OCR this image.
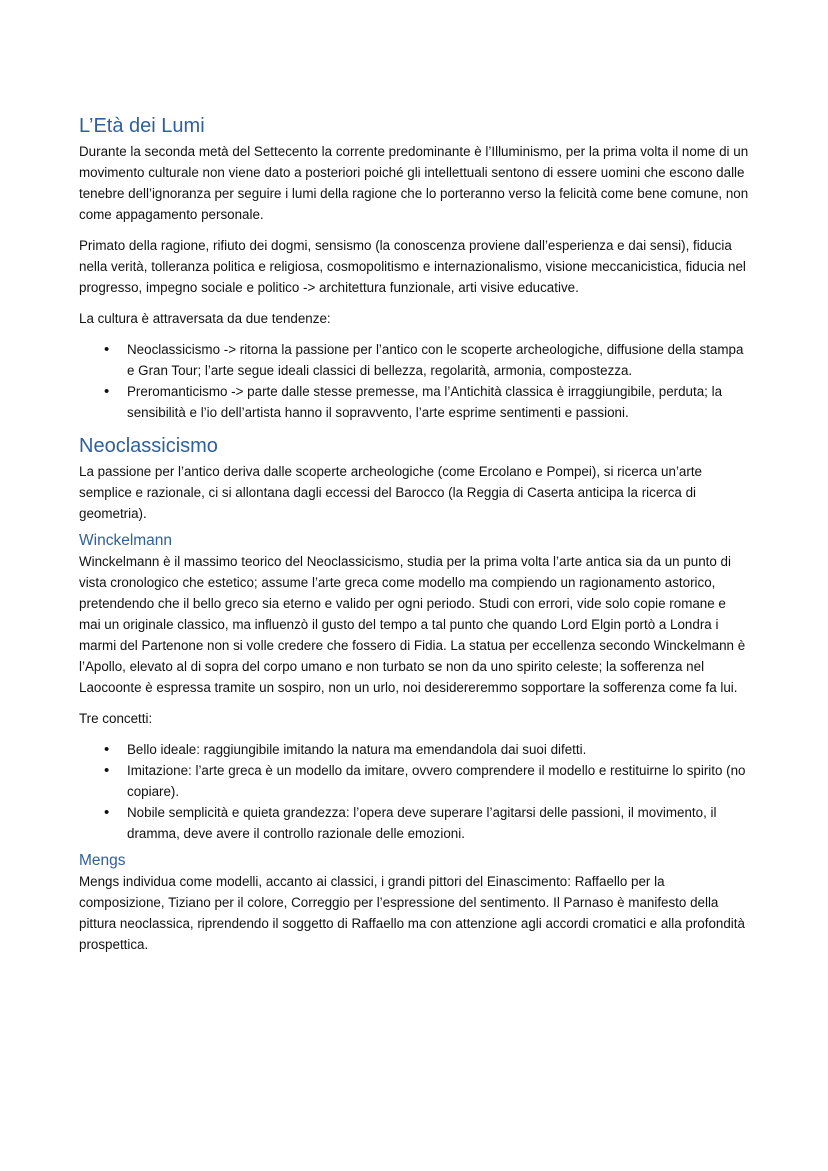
L’Età dei Lumi

Durante la seconda metà del Settecento la corrente predominante è l’Illuminismo, per la prima volta il nome di un movimento culturale non viene dato a posteriori poiché gli intellettuali sentono di essere uomini che escono dalle tenebre dell’ignoranza per seguire i lumi della ragione che lo porteranno verso la felicità come bene comune, non come appagamento personale.

Primato della ragione, rifiuto dei dogmi, sensismo (la conoscenza proviene dall’esperienza e dai sensi), fiducia nella verità, tolleranza politica e religiosa, cosmopolitismo e internazionalismo, visione meccanicistica, fiducia nel progresso, impegno sociale e politico -> architettura funzionale, arti visive educative.

La cultura è attraversata da due tendenze:

• Neoclassicismo -> ritorna la passione per l’antico con le scoperte archeologiche, diffusione della stampa e Gran Tour; l’arte segue ideali classici di bellezza, regolarità, armonia, compostezza.
• Preromanticismo -> parte dalle stesse premesse, ma l’Antichità classica è irraggiungibile, perduta; la sensibilità e l’io dell’artista hanno il sopravvento, l’arte esprime sentimenti e passioni.
Neoclassicismo

La passione per l’antico deriva dalle scoperte archeologiche (come Ercolano e Pompei), si ricerca un’arte semplice e razionale, ci si allontana dagli eccessi del Barocco (la Reggia di Caserta anticipa la ricerca di geometria).

Winckelmann

Winckelmann è il massimo teorico del Neoclassicismo, studia per la prima volta l’arte antica sia da un punto di vista cronologico che estetico; assume l’arte greca come modello ma compiendo un ragionamento astorico, pretendendo che il bello greco sia eterno e valido per ogni periodo. Studi con errori, vide solo copie romane e mai un originale classico, ma influenzò il gusto del tempo a tal punto che quando Lord Elgin portò a Londra i marmi del Partenone non si volle credere che fossero di Fidia. La statua per eccellenza secondo Winckelmann è l’Apollo, elevato al di sopra del corpo umano e non turbato se non da uno spirito celeste; la sofferenza nel Laocoonte è espressa tramite un sospiro, non un urlo, noi desidereremmo sopportare la sofferenza come fa lui.

Tre concetti:

• Bello ideale: raggiungibile imitando la natura ma emendandola dai suoi difetti.
• Imitazione: l’arte greca è un modello da imitare, ovvero comprendere il modello e restituirne lo spirito (no copiare).
• Nobile semplicità e quieta grandezza: l’opera deve superare l’agitarsi delle passioni, il movimento, il dramma, deve avere il controllo razionale delle emozioni.
Mengs

Mengs individua come modelli, accanto ai classici, i grandi pittori del Einascimento: Raffaello per la composizione, Tiziano per il colore, Correggio per l’espressione del sentimento. Il Parnaso è manifesto della pittura neoclassica, riprendendo il soggetto di Raffaello ma con attenzione agli accordi cromatici e alla profondità prospettica.
